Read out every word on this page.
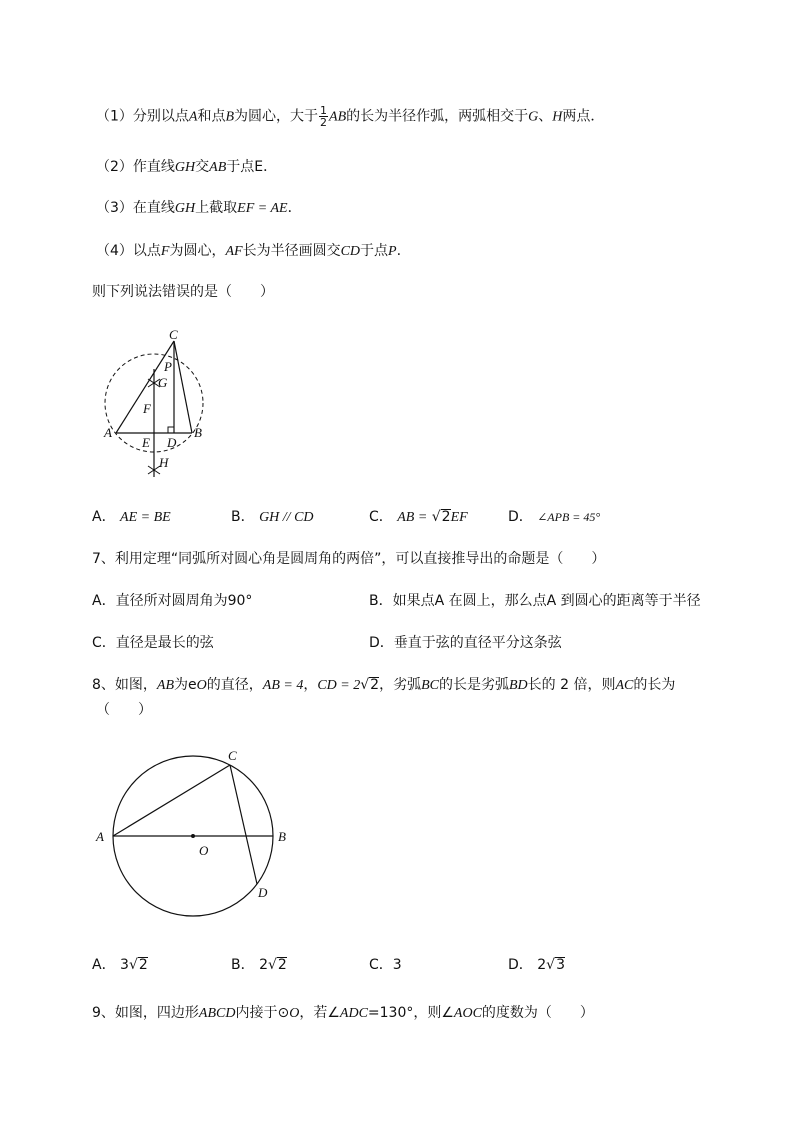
（1）分别以点A和点B为圆心，大于 $\frac{1}{2}$ AB的长为半径作弧，两弧相交于G、H两点．
（2）作直线GH交AB于点E．
（3）在直线GH上截取EF = AE．
（4）以点F为圆心，AF长为半径画圆交CD于点P.
则下列说法错误的是（　　）
C
P
G
F
A
E D
B
H
A． AE = BE	B． GH // CD	C． AB = √2EF	D． ∠APB = 45°
7、利用定理“同弧所对圆心角是圆周角的两倍”，可以直接推导出的命题是（　　）
A．直径所对圆周角为90°	B．如果点A 在圆上，那么点A 到圆心的距离等于半径
C．直径是最长的弦	D．垂直于弦的直径平分这条弦
8、如图，AB为eO的直径，AB = 4，CD = 2√2，劣弧BC的长是劣弧BD长的 2 倍，则AC的长为
（　　）
A	B
C
D
O
A． 3√2	B． 2√2	C．3	D． 2√3
9、如图，四边形ABCD内接于⊙O，若∠ADC=130°，则∠AOC的度数为（　　）
